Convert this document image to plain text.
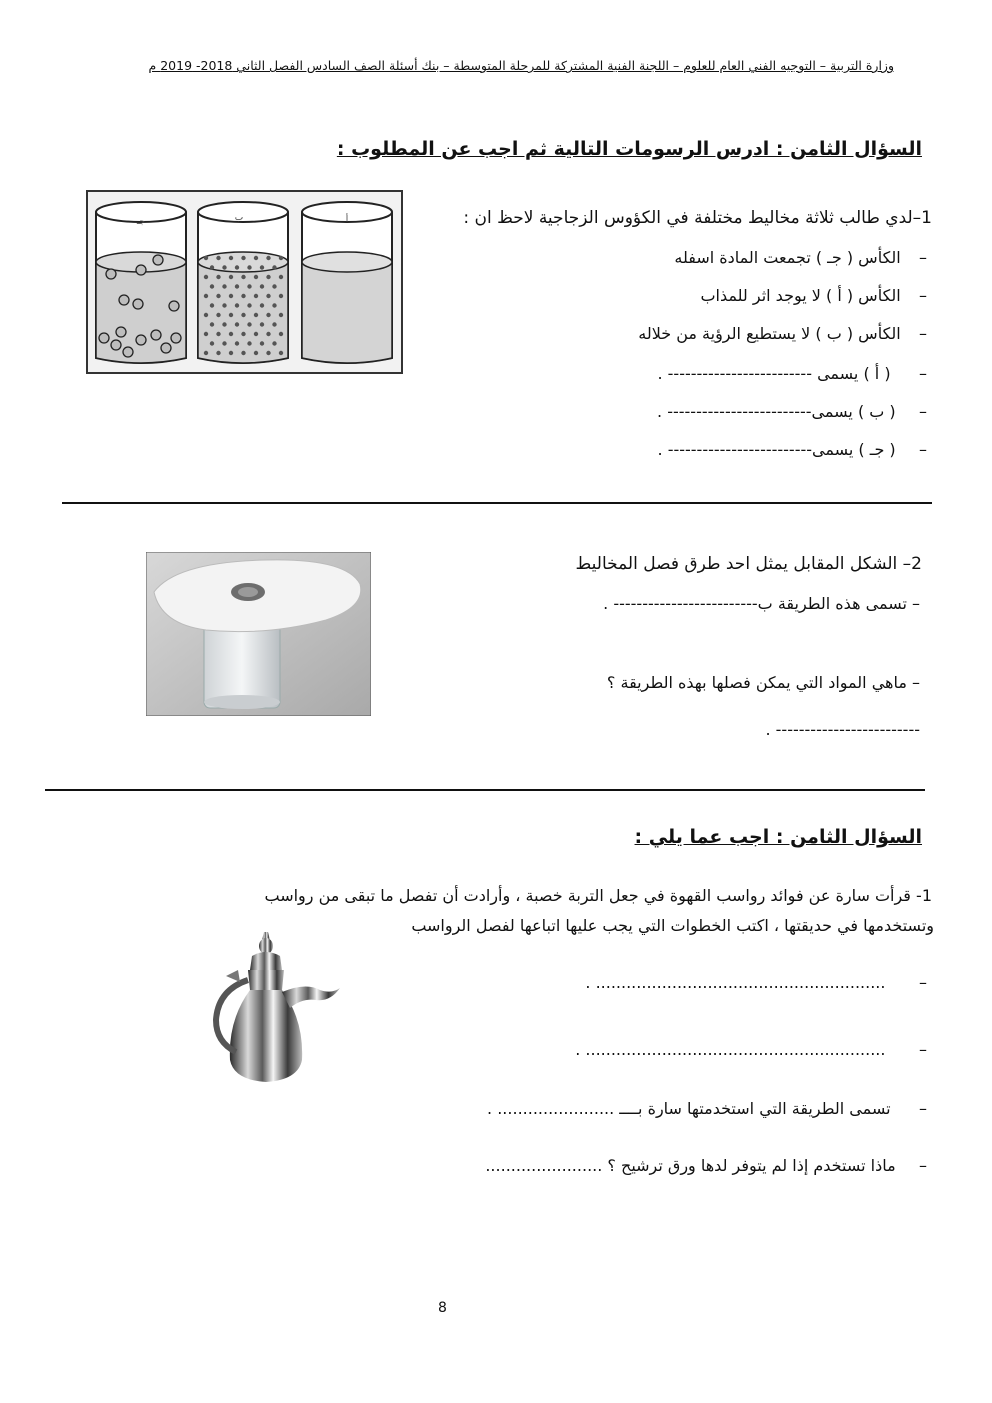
وزارة التربية – التوجيه الفني العام للعلوم – اللجنة الفنية المشتركة للمرحلة المتوسطة – بنك أسئلة الصف السادس الفصل الثاني 2018- 2019 م
السؤال الثامن : ادرس الرسومات التالية ثم اجب عن المطلوب :
جـ	ب	أ	1–لدي طالب ثلاثة مخاليط مختلفة في الكؤوس الزجاجية لاحظ ان :
–   الكأس ( جـ ) تجمعت المادة اسفله
–   الكأس ( أ ) لا يوجد اثر للمذاب
–   الكأس ( ب ) لا يستطيع الرؤية من خلاله
–     ( أ ) يسمى ------------------------- .
–    ( ب ) يسمى------------------------- .
–    ( جـ ) يسمى------------------------- .
2– الشكل المقابل يمثل احد طرق فصل المخاليط
– تسمى هذه الطريقة ب------------------------- .
– ماهي المواد التي يمكن فصلها بهذه الطريقة ؟
------------------------- .
السؤال الثامن : اجب عما يلي :
1- قرأت سارة عن فوائد رواسب القهوة في جعل التربة خصبة ، وأرادت أن تفصل ما تبقى من رواسب
وتستخدمها في حديقتها ، اكتب الخطوات التي يجب عليها اتباعها لفصل الرواسب
–      ......................................................... .
–      ........................................................... .
–     تسمى الطريقة التي استخدمتها سارة بــــ ....................... .
–    ماذا تستخدم إذا لم يتوفر لدها ورق ترشيح ؟ .......................
8
